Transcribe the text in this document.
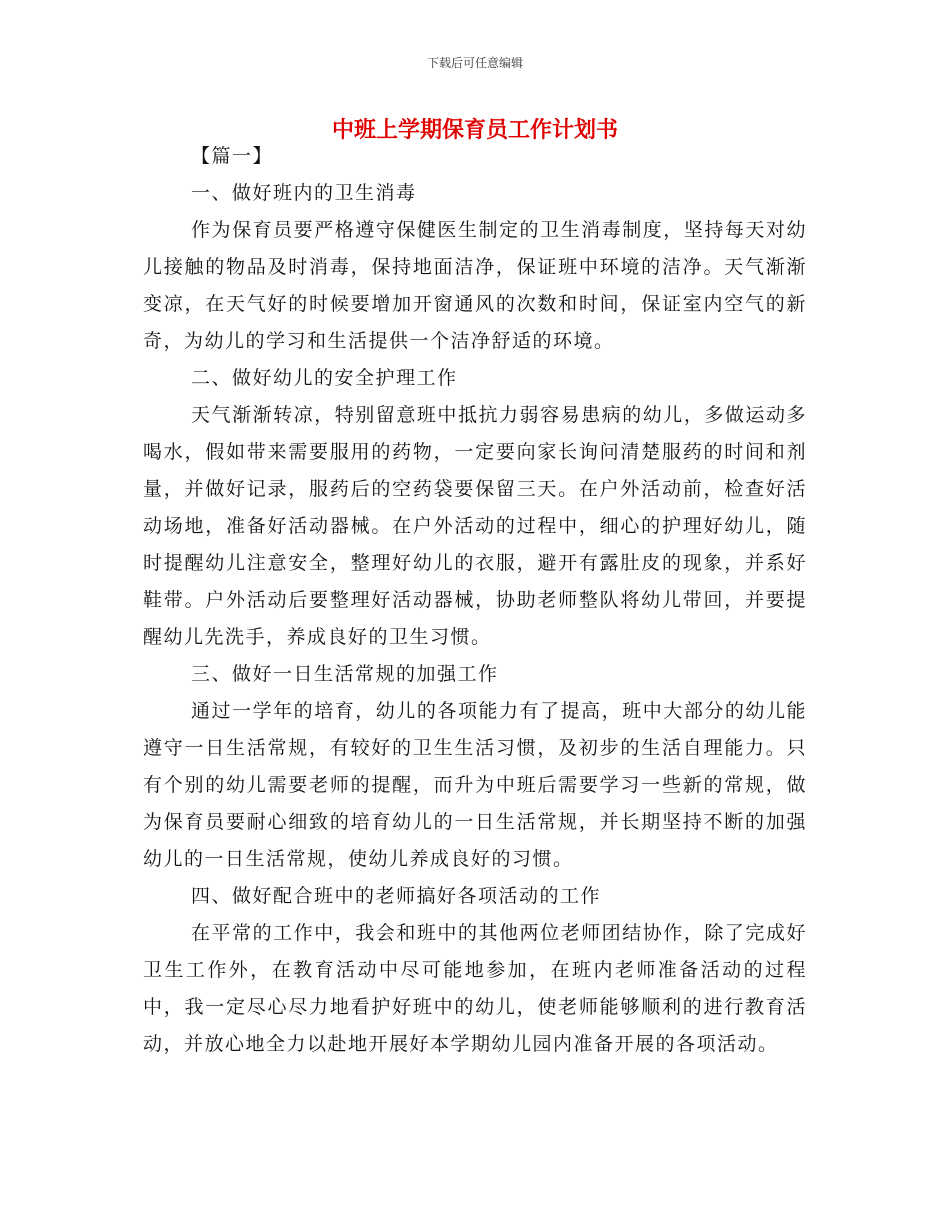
下载后可任意编辑
中班上学期保育员工作计划书

【篇一】

一、做好班内的卫生消毒

作为保育员要严格遵守保健医生制定的卫生消毒制度，坚持每天对幼儿接触的物品及时消毒，保持地面洁净，保证班中环境的洁净。天气渐渐变凉，在天气好的时候要增加开窗通风的次数和时间，保证室内空气的新奇，为幼儿的学习和生活提供一个洁净舒适的环境。

二、做好幼儿的安全护理工作

天气渐渐转凉，特别留意班中抵抗力弱容易患病的幼儿，多做运动多喝水，假如带来需要服用的药物，一定要向家长询问清楚服药的时间和剂量，并做好记录，服药后的空药袋要保留三天。在户外活动前，检查好活动场地，准备好活动器械。在户外活动的过程中，细心的护理好幼儿，随时提醒幼儿注意安全，整理好幼儿的衣服，避开有露肚皮的现象，并系好鞋带。户外活动后要整理好活动器械，协助老师整队将幼儿带回，并要提醒幼儿先洗手，养成良好的卫生习惯。

三、做好一日生活常规的加强工作

通过一学年的培育，幼儿的各项能力有了提高，班中大部分的幼儿能遵守一日生活常规，有较好的卫生生活习惯，及初步的生活自理能力。只有个别的幼儿需要老师的提醒，而升为中班后需要学习一些新的常规，做为保育员要耐心细致的培育幼儿的一日生活常规，并长期坚持不断的加强幼儿的一日生活常规，使幼儿养成良好的习惯。

四、做好配合班中的老师搞好各项活动的工作

在平常的工作中，我会和班中的其他两位老师团结协作，除了完成好卫生工作外，在教育活动中尽可能地参加，在班内老师准备活动的过程中，我一定尽心尽力地看护好班中的幼儿，使老师能够顺利的进行教育活动，并放心地全力以赴地开展好本学期幼儿园内准备开展的各项活动。
